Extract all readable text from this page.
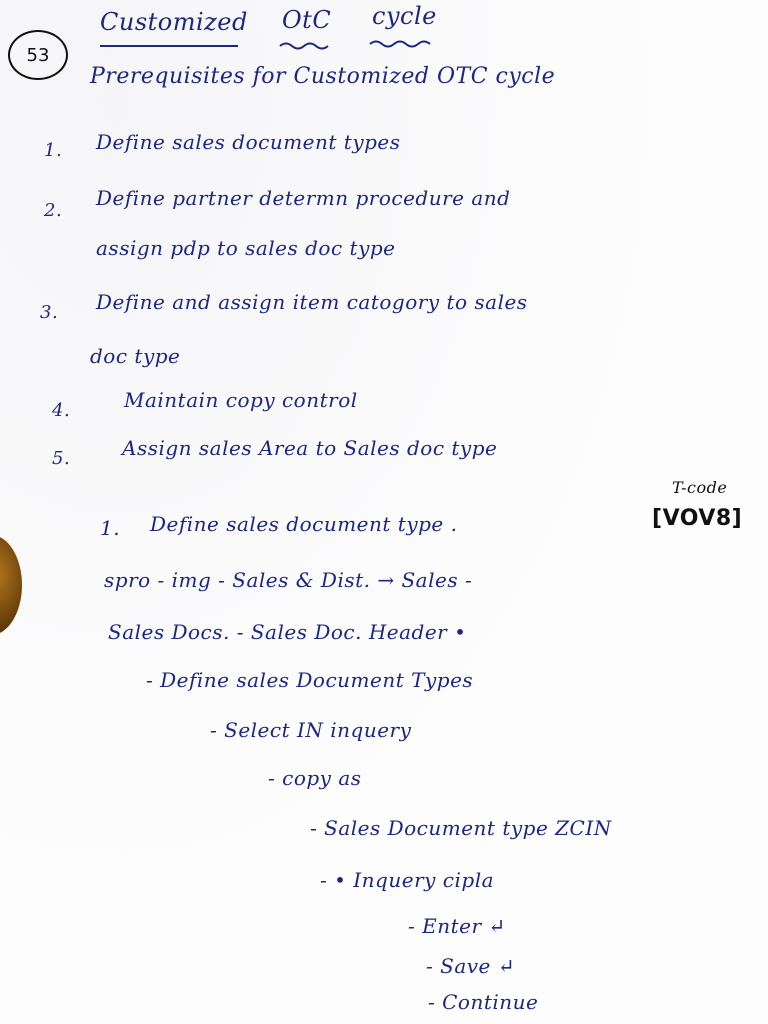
53
Customized OtC cycle
Prerequisites for Customized OTC cycle
1. Define sales document types
2.
Define partner determn procedure and
assign pdp to sales doc type
3. Define and assign item catogory to sales
doc type
4.	Maintain copy control
5.	Assign sales Area to Sales doc type
T-code
1. Define sales document type .	[VOV8]
spro - img - Sales & Dist. → Sales -
Sales Docs. - Sales Doc. Header •
- Define sales Document Types
- Select IN inquery
- copy as
- Sales Document type ZCIN
- • Inquery cipla
- Enter ↵
- Save ↵
- Continue
